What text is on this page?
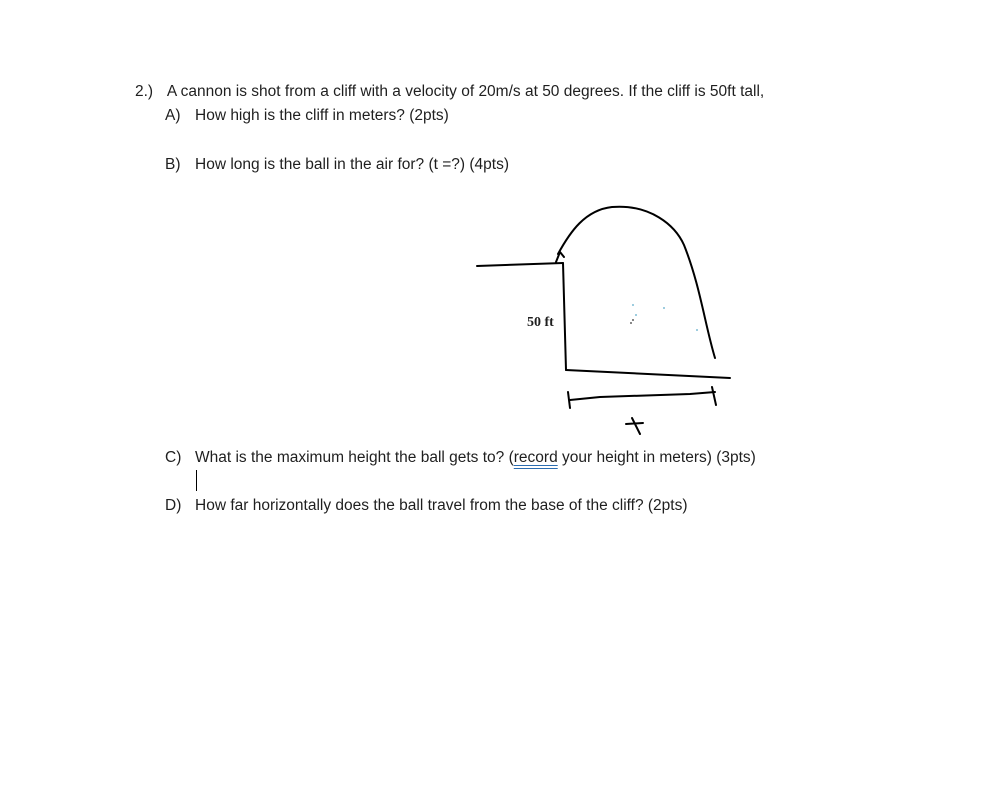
2.) A cannon is shot from a cliff with a velocity of 20m/s at 50 degrees. If the cliff is 50ft tall,
A) How high is the cliff in meters? (2pts)
B) How long is the ball in the air for? (t =?) (4pts)
50 ft
C) What is the maximum height the ball gets to? (record your height in meters) (3pts)
D) How far horizontally does the ball travel from the base of the cliff? (2pts)
